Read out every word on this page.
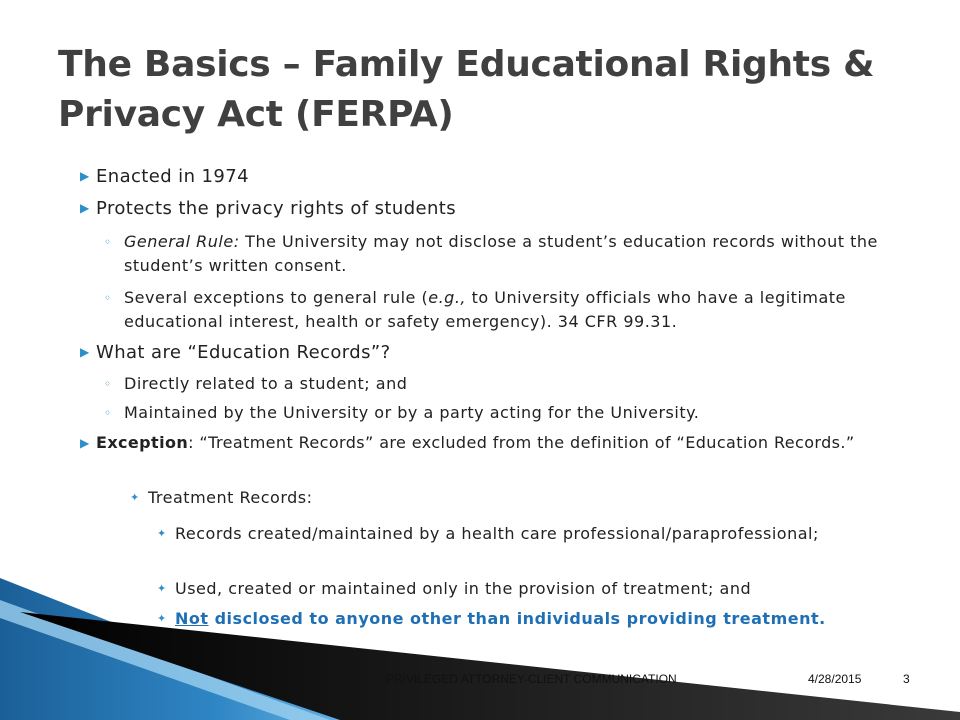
The Basics – Family Educational Rights & Privacy Act (FERPA)
▶ Enacted in 1974
▶ Protects the privacy rights of students
◦ General Rule: The University may not disclose a student’s education records without the student’s written consent.
◦ Several exceptions to general rule (e.g., to University officials who have a legitimate educational interest, health or safety emergency). 34 CFR 99.31.
▶ What are “Education Records”?
◦ Directly related to a student; and
◦ Maintained by the University or by a party acting for the University.
▶ Exception: “Treatment Records” are excluded from the definition of “Education Records.”
✦ Treatment Records:
✦ Records created/maintained by a health care professional/paraprofessional;
✦ Used, created or maintained only in the provision of treatment; and
✦ Not disclosed to anyone other than individuals providing treatment.
PRIVILEGED ATTORNEY-CLIENT COMMUNICATION	4/28/2015	3
